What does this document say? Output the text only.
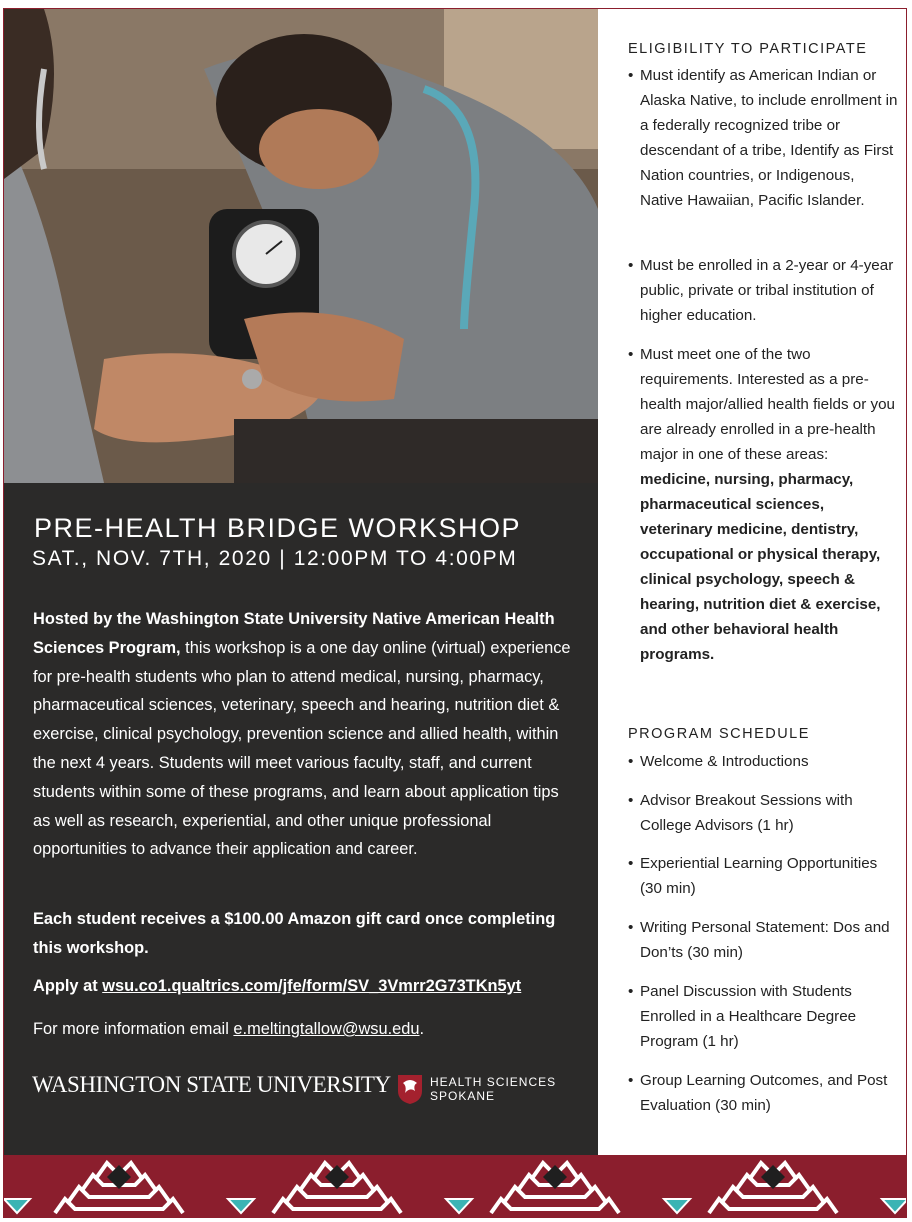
PRE-HEALTH BRIDGE WORKSHOP
SAT., NOV. 7TH, 2020 | 12:00PM TO 4:00PM
Hosted by the Washington State University Native American Health Sciences Program, this workshop is a one day online (virtual) experience for pre-health students who plan to attend medical, nursing, pharmacy, pharmaceutical sciences, veterinary, speech and hearing, nutrition diet & exercise, clinical psychology, prevention science and allied health, within the next 4 years. Students will meet various faculty, staff, and current students within some of these programs, and learn about application tips as well as research, experiential, and other unique professional opportunities to advance their application and career.
Each student receives a $100.00 Amazon gift card once completing this workshop.
Apply at wsu.co1.qualtrics.com/jfe/form/SV_3Vmrr2G73TKn5yt
For more information email e.meltingtallow@wsu.edu.
WASHINGTON STATE UNIVERSITY	HEALTH SCIENCES
SPOKANE
ELIGIBILITY TO PARTICIPATE
• Must identify as American Indian or Alaska Native, to include enrollment in a federally recognized tribe or descendant of a tribe, Identify as First Nation countries, or Indigenous, Native Hawaiian, Pacific Islander.
• Must be enrolled in a 2-year or 4-year public, private or tribal institution of higher education.
• Must meet one of the two requirements. Interested as a pre-health major/allied health fields or you are already enrolled in a pre-health major in one of these areas: medicine, nursing, pharmacy, pharmaceutical sciences, veterinary medicine, dentistry, occupational or physical therapy, clinical psychology, speech & hearing, nutrition diet & exercise, and other behavioral health programs.
PROGRAM SCHEDULE
• Welcome & Introductions
• Advisor Breakout Sessions with College Advisors (1 hr)
• Experiential Learning Opportunities (30 min)
• Writing Personal Statement: Dos and Don’ts (30 min)
• Panel Discussion with Students Enrolled in a Healthcare Degree Program (1 hr)
• Group Learning Outcomes, and Post Evaluation (30 min)
